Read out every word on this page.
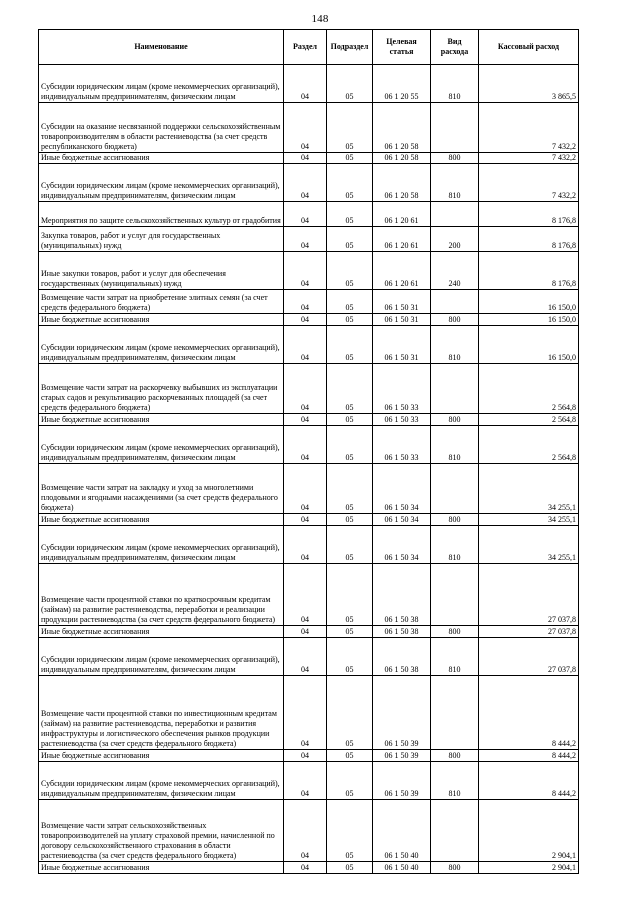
148
Наименование	Раздел	Подраздел	Целевая статья	Вид расхода	Кассовый расход
Субсидии юридическим лицам (кроме некоммерческих организаций), индивидуальным предпринимателям, физическим лицам	04	05	06 1 20 55	810	3 865,5
Субсидии на оказание несвязанной поддержки сельскохозяйственным товаропроизводителям в области растениеводства (за счет средств республиканского бюджета)	04	05	06 1 20 58		7 432,2
Иные бюджетные ассигнования	04	05	06 1 20 58	800	7 432,2
Субсидии юридическим лицам (кроме некоммерческих организаций), индивидуальным предпринимателям, физическим лицам	04	05	06 1 20 58	810	7 432,2
Мероприятия по защите сельскохозяйственных культур от градобития	04	05	06 1 20 61		8 176,8
Закупка товаров, работ и услуг для государственных (муниципальных) нужд	04	05	06 1 20 61	200	8 176,8
Иные закупки товаров, работ и услуг для обеспечения государственных (муниципальных) нужд	04	05	06 1 20 61	240	8 176,8
Возмещение части затрат на приобретение элитных семян (за счет средств федерального бюджета)	04	05	06 1 50 31		16 150,0
Иные бюджетные ассигнования	04	05	06 1 50 31	800	16 150,0
Субсидии юридическим лицам (кроме некоммерческих организаций), индивидуальным предпринимателям, физическим лицам	04	05	06 1 50 31	810	16 150,0
Возмещение части затрат на раскорчевку выбывших из эксплуатации старых садов и рекультивацию раскорчеванных площадей (за счет средств федерального бюджета)	04	05	06 1 50 33		2 564,8
Иные бюджетные ассигнования	04	05	06 1 50 33	800	2 564,8
Субсидии юридическим лицам (кроме некоммерческих организаций), индивидуальным предпринимателям, физическим лицам	04	05	06 1 50 33	810	2 564,8
Возмещение части затрат на закладку и уход за многолетними плодовыми и ягодными насаждениями (за счет средств федерального бюджета)	04	05	06 1 50 34		34 255,1
Иные бюджетные ассигнования	04	05	06 1 50 34	800	34 255,1
Субсидии юридическим лицам (кроме некоммерческих организаций), индивидуальным предпринимателям, физическим лицам	04	05	06 1 50 34	810	34 255,1
Возмещение части процентной ставки по краткосрочным кредитам (займам) на развитие растениеводства, переработки и реализации продукции растениеводства (за счет средств федерального бюджета)	04	05	06 1 50 38		27 037,8
Иные бюджетные ассигнования	04	05	06 1 50 38	800	27 037,8
Субсидии юридическим лицам (кроме некоммерческих организаций), индивидуальным предпринимателям, физическим лицам	04	05	06 1 50 38	810	27 037,8
Возмещение части процентной ставки по инвестиционным кредитам (займам) на развитие растениеводства, переработки и развития инфраструктуры и логистического обеспечения рынков продукции растениеводства (за счет средств федерального бюджета)	04	05	06 1 50 39		8 444,2
Иные бюджетные ассигнования	04	05	06 1 50 39	800	8 444,2
Субсидии юридическим лицам (кроме некоммерческих организаций), индивидуальным предпринимателям, физическим лицам	04	05	06 1 50 39	810	8 444,2
Возмещение части затрат сельскохозяйственных товаропроизводителей на уплату страховой премии, начисленной по договору сельскохозяйственного страхования в области растениеводства (за счет средств федерального бюджета)	04	05	06 1 50 40		2 904,1
Иные бюджетные ассигнования	04	05	06 1 50 40	800	2 904,1
